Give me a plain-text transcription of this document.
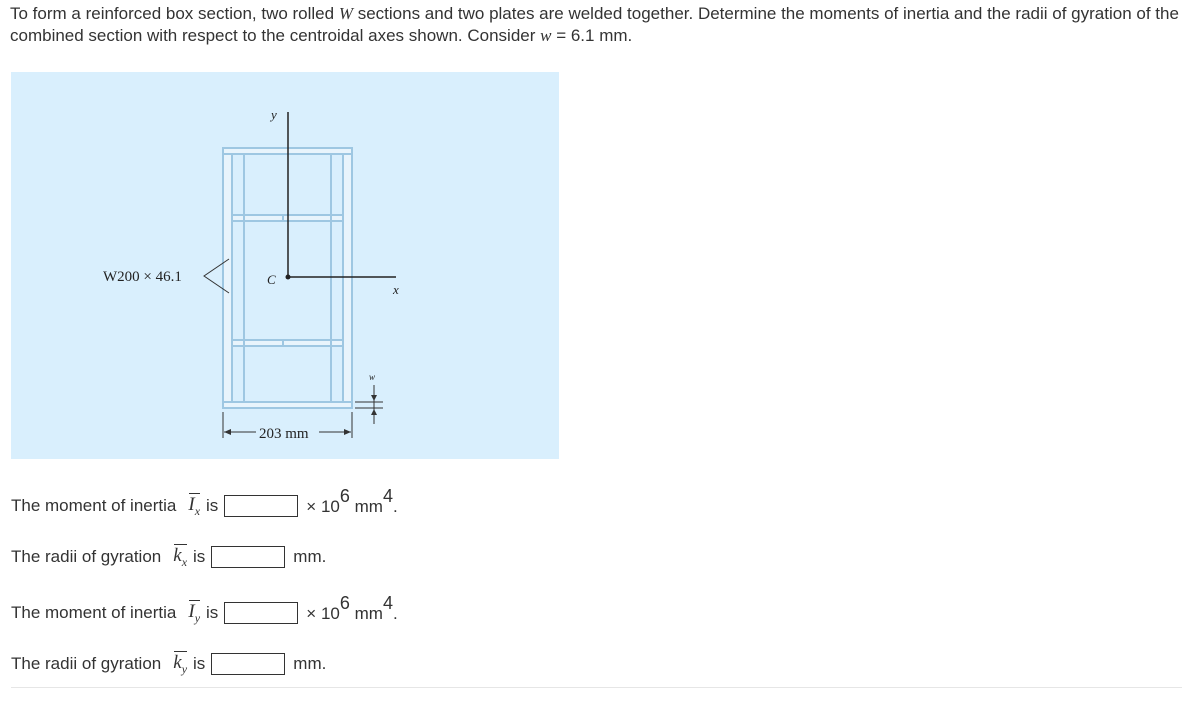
To form a reinforced box section, two rolled W sections and two plates are welded together. Determine the moments of inertia and the radii of gyration of the combined section with respect to the centroidal axes shown. Consider w = 6.1 mm.
C
y
x
W200 × 46.1
w
203 mm
The moment of inertia $I_x$ is	× $10^6$ $mm^4$.
The radii of gyration $k_x$ is	mm.
The moment of inertia $I_y$ is	× $10^6$ $mm^4$.
The radii of gyration $k_y$ is	mm.
